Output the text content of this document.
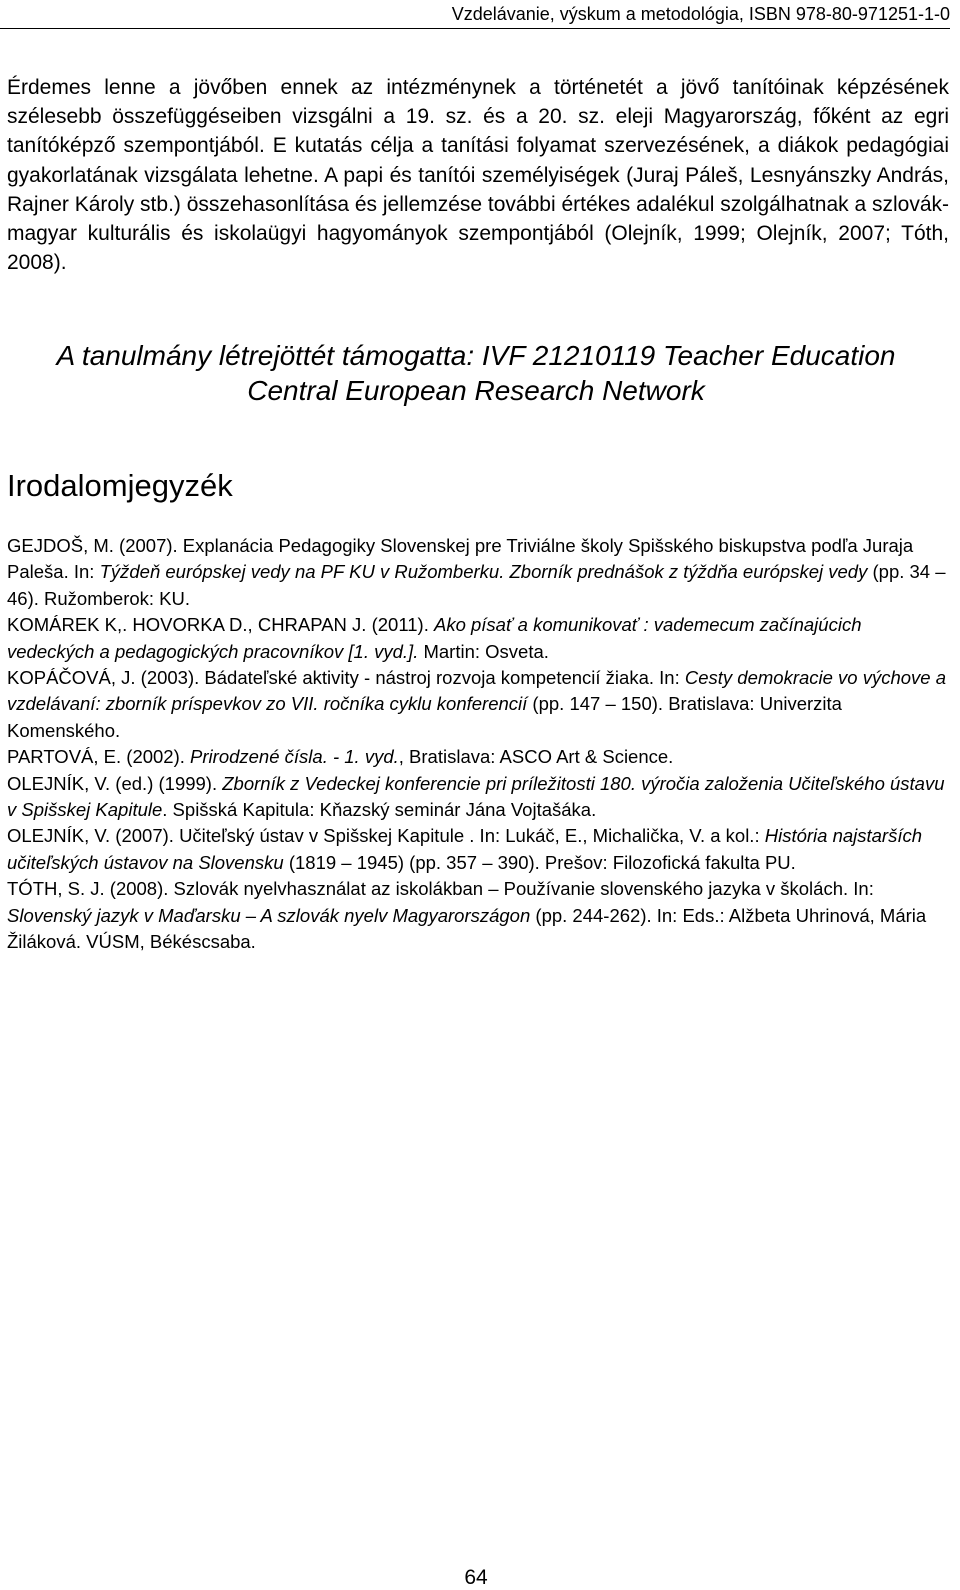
Vzdelávanie, výskum a metodológia, ISBN 978-80-971251-1-0

Érdemes lenne a jövőben ennek az intézménynek a történetét a jövő tanítóinak képzésének szélesebb összefüggéseiben vizsgálni a 19. sz. és a 20. sz. eleji Magyarország, főként az egri tanítóképző szempontjából. E kutatás célja a tanítási folyamat szervezésének, a diákok pedagógiai gyakorlatának vizsgálata lehetne. A papi és tanítói személyiségek (Juraj Páleš, Lesnyánszky András, Rajner Károly stb.) összehasonlítása és jellemzése további értékes adalékul szolgálhatnak a szlovák-magyar kulturális és iskolaügyi hagyományok szempontjából (Olejník, 1999; Olejník, 2007; Tóth, 2008).

A tanulmány létrejöttét támogatta: IVF 21210119 Teacher Education
Central European Research Network
Irodalomjegyzék

GEJDOŠ, M. (2007). Explanácia Pedagogiky Slovenskej pre Triviálne školy Spišského biskupstva podľa Juraja Paleša. In: Týždeň európskej vedy na PF KU v Ružomberku. Zborník prednášok z týždňa európskej vedy (pp. 34 – 46). Ružomberok: KU.

KOMÁREK K,. HOVORKA D., CHRAPAN J. (2011). Ako písať a komunikovať : vademecum začínajúcich vedeckých a pedagogických pracovníkov [1. vyd.]. Martin: Osveta.

KOPÁČOVÁ, J. (2003). Bádateľské aktivity - nástroj rozvoja kompetencií žiaka. In: Cesty demokracie vo výchove a vzdelávaní: zborník príspevkov zo VII. ročníka cyklu konferencií (pp. 147 – 150). Bratislava: Univerzita Komenského.

PARTOVÁ, E. (2002). Prirodzené čísla. - 1. vyd., Bratislava: ASCO Art & Science.

OLEJNÍK, V. (ed.) (1999). Zborník z Vedeckej konferencie pri príležitosti 180. výročia založenia Učiteľského ústavu v Spišskej Kapitule. Spišská Kapitula: Kňazský seminár Jána Vojtašáka.

OLEJNÍK, V. (2007). Učiteľský ústav v Spišskej Kapitule . In: Lukáč, E., Michalička, V. a kol.: História najstarších učiteľských ústavov na Slovensku (1819 – 1945) (pp. 357 – 390). Prešov: Filozofická fakulta PU.

TÓTH, S. J. (2008). Szlovák nyelvhasználat az iskolákban – Používanie slovenského jazyka v školách. In: Slovenský jazyk v Maďarsku – A szlovák nyelv Magyarországon (pp. 244-262). In: Eds.: Alžbeta Uhrinová, Mária Žiláková. VÚSM, Békéscsaba.

64
